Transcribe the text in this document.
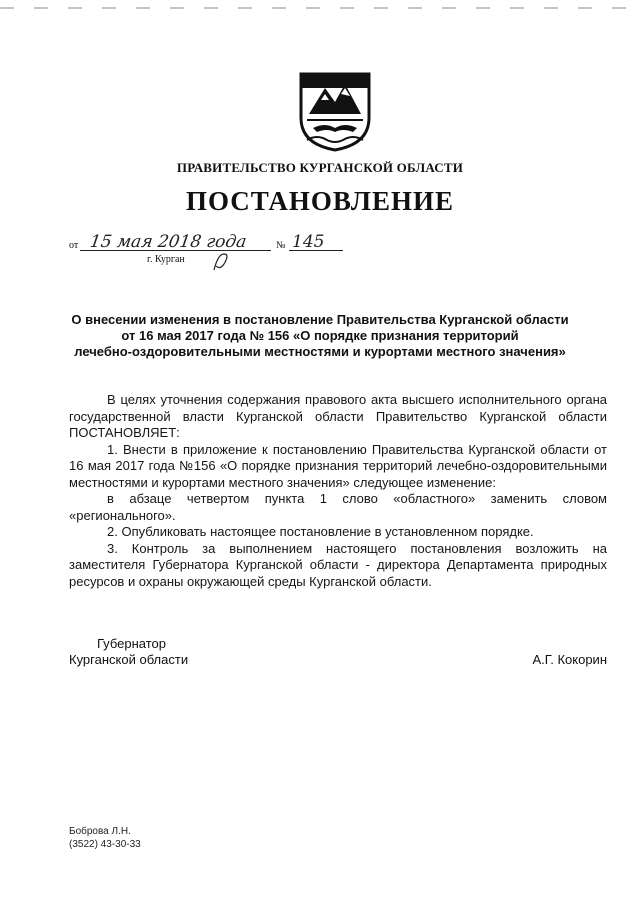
ПРАВИТЕЛЬСТВО КУРГАНСКОЙ ОБЛАСТИ
ПОСТАНОВЛЕНИЕ
от 15 мая 2018 года	№ 145
г. Курган
О внесении изменения в постановление Правительства Курганской области
от 16 мая 2017 года № 156 «О порядке признания территорий
лечебно-оздоровительными местностями и курортами местного значения»

В целях уточнения содержания правового акта высшего исполнительного органа государственной власти Курганской области Правительство Курганской области ПОСТАНОВЛЯЕТ:

1. Внести в приложение к постановлению Правительства Курганской области от 16 мая 2017 года №156 «О порядке признания территорий лечебно-оздоровительными местностями и курортами местного значения» следующее изменение:

в абзаце четвертом пункта 1 слово «областного» заменить словом «регионального».

2. Опубликовать настоящее постановление в установленном порядке.

3. Контроль за выполнением настоящего постановления возложить на заместителя Губернатора Курганской области - директора Департамента природных ресурсов и охраны окружающей среды Курганской области.

Губернатор
Курганской области	А.Г. Кокорин
Боброва Л.Н.
(3522) 43-30-33
